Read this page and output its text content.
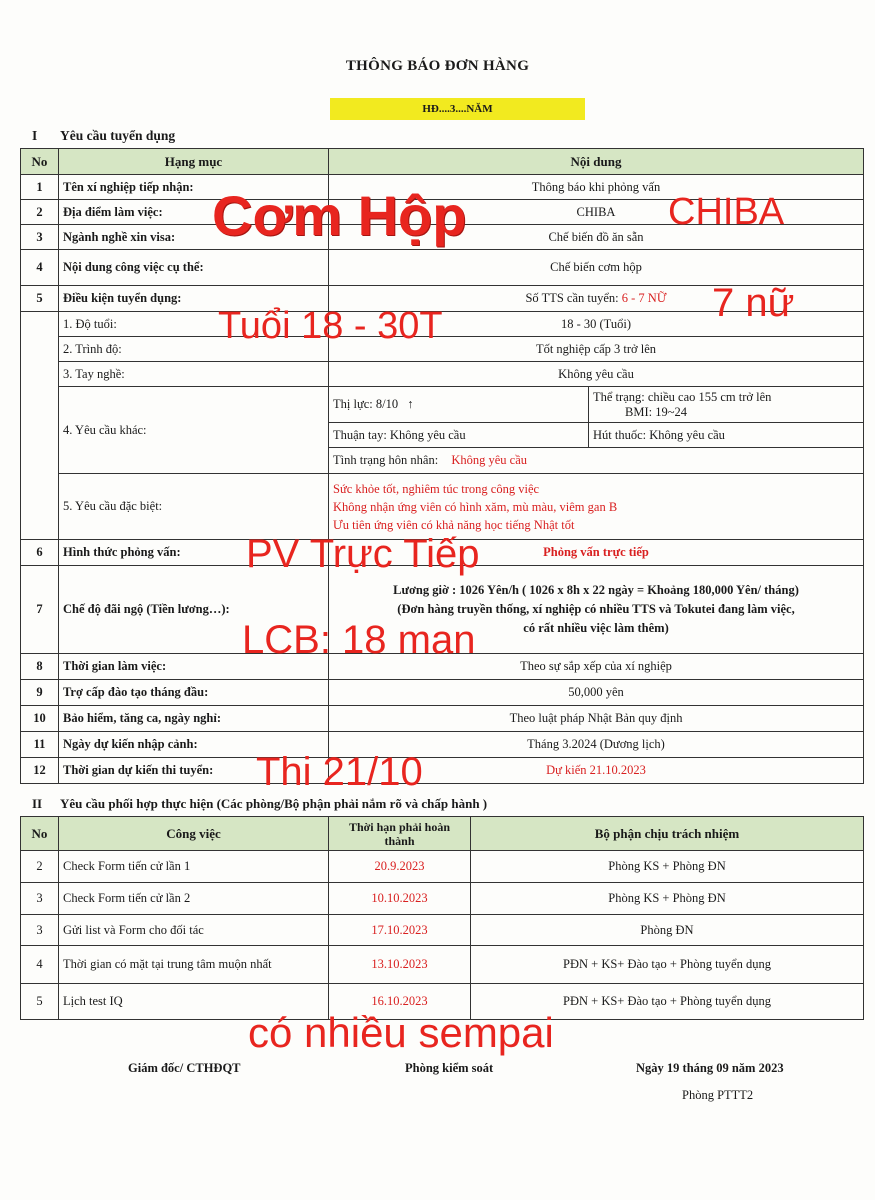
THÔNG BÁO ĐƠN HÀNG
HĐ....3....NĂM
I Yêu cầu tuyển dụng
No	Hạng mục	Nội dung	
1	Tên xí nghiệp tiếp nhận:	Thông báo khi phỏng vấn	
2	Địa điểm làm việc:	CHIBA	
3	Ngành nghề xin visa:	Chế biến đồ ăn sẵn	
4	Nội dung công việc cụ thể:	Chế biến cơm hộp	
5	Điều kiện tuyển dụng:	Số TTS cần tuyển: 6 - 7 NỮ	
	1. Độ tuổi:	18 - 30 (Tuổi)	
	2. Trình độ:	Tốt nghiệp cấp 3 trở lên	
	3. Tay nghề:	Không yêu cầu	
	4. Yêu cầu khác:	Thị lực: 8/10 ↑	Thể trạng: chiều cao 155 cm trở lên
BMI: 19~24

		Thuận tay: Không yêu cầu	Hút thuốc: Không yêu cầu
		Tình trạng hôn nhân: Không yêu cầu	
	5. Yêu cầu đặc biệt:	Sức khỏe tốt, nghiêm túc trong công việc
Không nhận ứng viên có hình xăm, mù màu, viêm gan B
Ưu tiên ứng viên có khả năng học tiếng Nhật tốt	

6	Hình thức phỏng vấn:	Phỏng vấn trực tiếp	
7	Chế độ đãi ngộ (Tiền lương…):	Lương giờ : 1026 Yên/h ( 1026 x 8h x 22 ngày = Khoảng 180,000 Yên/ tháng)
(Đơn hàng truyền thống, xí nghiệp có nhiều TTS và Tokutei đang làm việc,
có rất nhiều việc làm thêm)	

8	Thời gian làm việc:	Theo sự sắp xếp của xí nghiệp	
9	Trợ cấp đào tạo tháng đầu:	50,000 yên	
10	Bảo hiểm, tăng ca, ngày nghỉ:	Theo luật pháp Nhật Bản quy định	
11	Ngày dự kiến nhập cảnh:	Tháng 3.2024 (Dương lịch)	
12	Thời gian dự kiến thi tuyển:	Dự kiến 21.10.2023	
II Yêu cầu phối hợp thực hiện (Các phòng/Bộ phận phải nắm rõ và chấp hành )
No	Công việc	Thời hạn phải hoàn thành	Bộ phận chịu trách nhiệm
2	Check Form tiến cử lần 1	20.9.2023	Phòng KS + Phòng ĐN
3	Check Form tiến cử lần 2	10.10.2023	Phòng KS + Phòng ĐN
3	Gửi list và Form cho đối tác	17.10.2023	Phòng ĐN
4	Thời gian có mặt tại trung tâm muộn nhất	13.10.2023	PĐN + KS+ Đào tạo + Phòng tuyển dụng
5	Lịch test IQ	16.10.2023	PĐN + KS+ Đào tạo + Phòng tuyển dụng
Giám đốc/ CTHĐQT	Phòng kiểm soát	Ngày 19 tháng 09 năm 2023
Phòng PTTT2
Cơm Hộp	CHIBA
7 nữ
Tuổi 18 - 30T
PV Trực Tiếp
LCB: 18 man
Thi 21/10
có nhiều sempai
